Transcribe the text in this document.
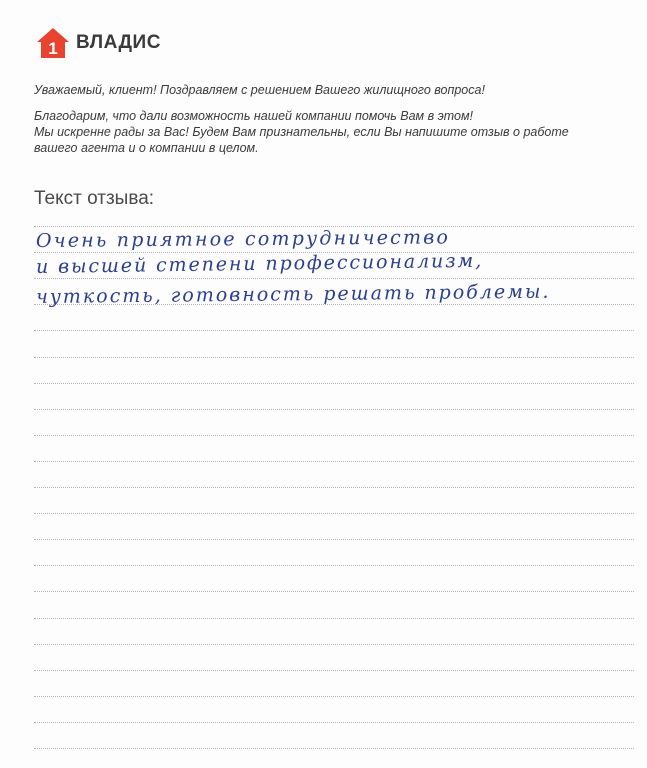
1 ВЛАДИС

Уважаемый, клиент! Поздравляем с решением Вашего жилищного вопроса!

Благодарим, что дали возможность нашей компании помочь Вам в этом!

Мы искренне рады за Вас! Будем Вам признательны, если Вы напишите отзыв о работе

вашего агента и о компании в целом.

Текст отзыва:
Очень приятное сотрудничество
и высшей степени профессионализм,
чуткость, готовность решать проблемы.
